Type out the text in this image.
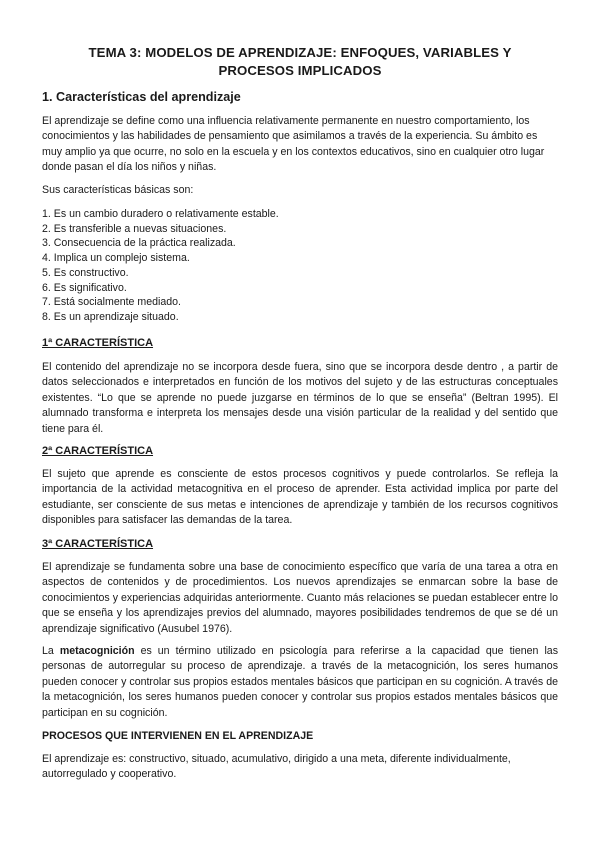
TEMA 3: MODELOS DE APRENDIZAJE: ENFOQUES, VARIABLES Y
PROCESOS IMPLICADOS
1. Características del aprendizaje

El aprendizaje se define como una influencia relativamente permanente en nuestro comportamiento, los conocimientos y las habilidades de pensamiento que asimilamos a través de la experiencia. Su ámbito es muy amplio ya que ocurre, no solo en la escuela y en los contextos educativos, sino en cualquier otro lugar donde pasan el día los niños y niñas.

Sus características básicas son:

1. Es un cambio duradero o relativamente estable.
2. Es transferible a nuevas situaciones.
3. Consecuencia de la práctica realizada.
4. Implica un complejo sistema.
5. Es constructivo.
6. Es significativo.
7. Está socialmente mediado.
8. Es un aprendizaje situado.
1ª CARACTERÍSTICA

El contenido del aprendizaje no se incorpora desde fuera, sino que se incorpora desde dentro , a partir de datos seleccionados e interpretados en función de los motivos del sujeto y de las estructuras conceptuales existentes. “Lo que se aprende no puede juzgarse en términos de lo que se enseña” (Beltran 1995). El alumnado transforma e interpreta los mensajes desde una visión particular de la realidad y del sentido que tiene para él.

2ª CARACTERÍSTICA

El sujeto que aprende es consciente de estos procesos cognitivos y puede controlarlos. Se refleja la importancia de la actividad metacognitiva en el proceso de aprender. Esta actividad implica por parte del estudiante, ser consciente de sus metas e intenciones de aprendizaje y también de los recursos cognitivos disponibles para satisfacer las demandas de la tarea.

3ª CARACTERÍSTICA

El aprendizaje se fundamenta sobre una base de conocimiento específico que varía de una tarea a otra en aspectos de contenidos y de procedimientos. Los nuevos aprendizajes se enmarcan sobre la base de conocimientos y experiencias adquiridas anteriormente. Cuanto más relaciones se puedan establecer entre lo que se enseña y los aprendizajes previos del alumnado, mayores posibilidades tendremos de que se dé un aprendizaje significativo (Ausubel 1976).

La metacognición es un término utilizado en psicología para referirse a la capacidad que tienen las personas de autorregular su proceso de aprendizaje. a través de la metacognición, los seres humanos pueden conocer y controlar sus propios estados mentales básicos que participan en su cognición. A través de la metacognición, los seres humanos pueden conocer y controlar sus propios estados mentales básicos que participan en su cognición.

PROCESOS QUE INTERVIENEN EN EL APRENDIZAJE

El aprendizaje es: constructivo, situado, acumulativo, dirigido a una meta, diferente individualmente, autorregulado y cooperativo.
